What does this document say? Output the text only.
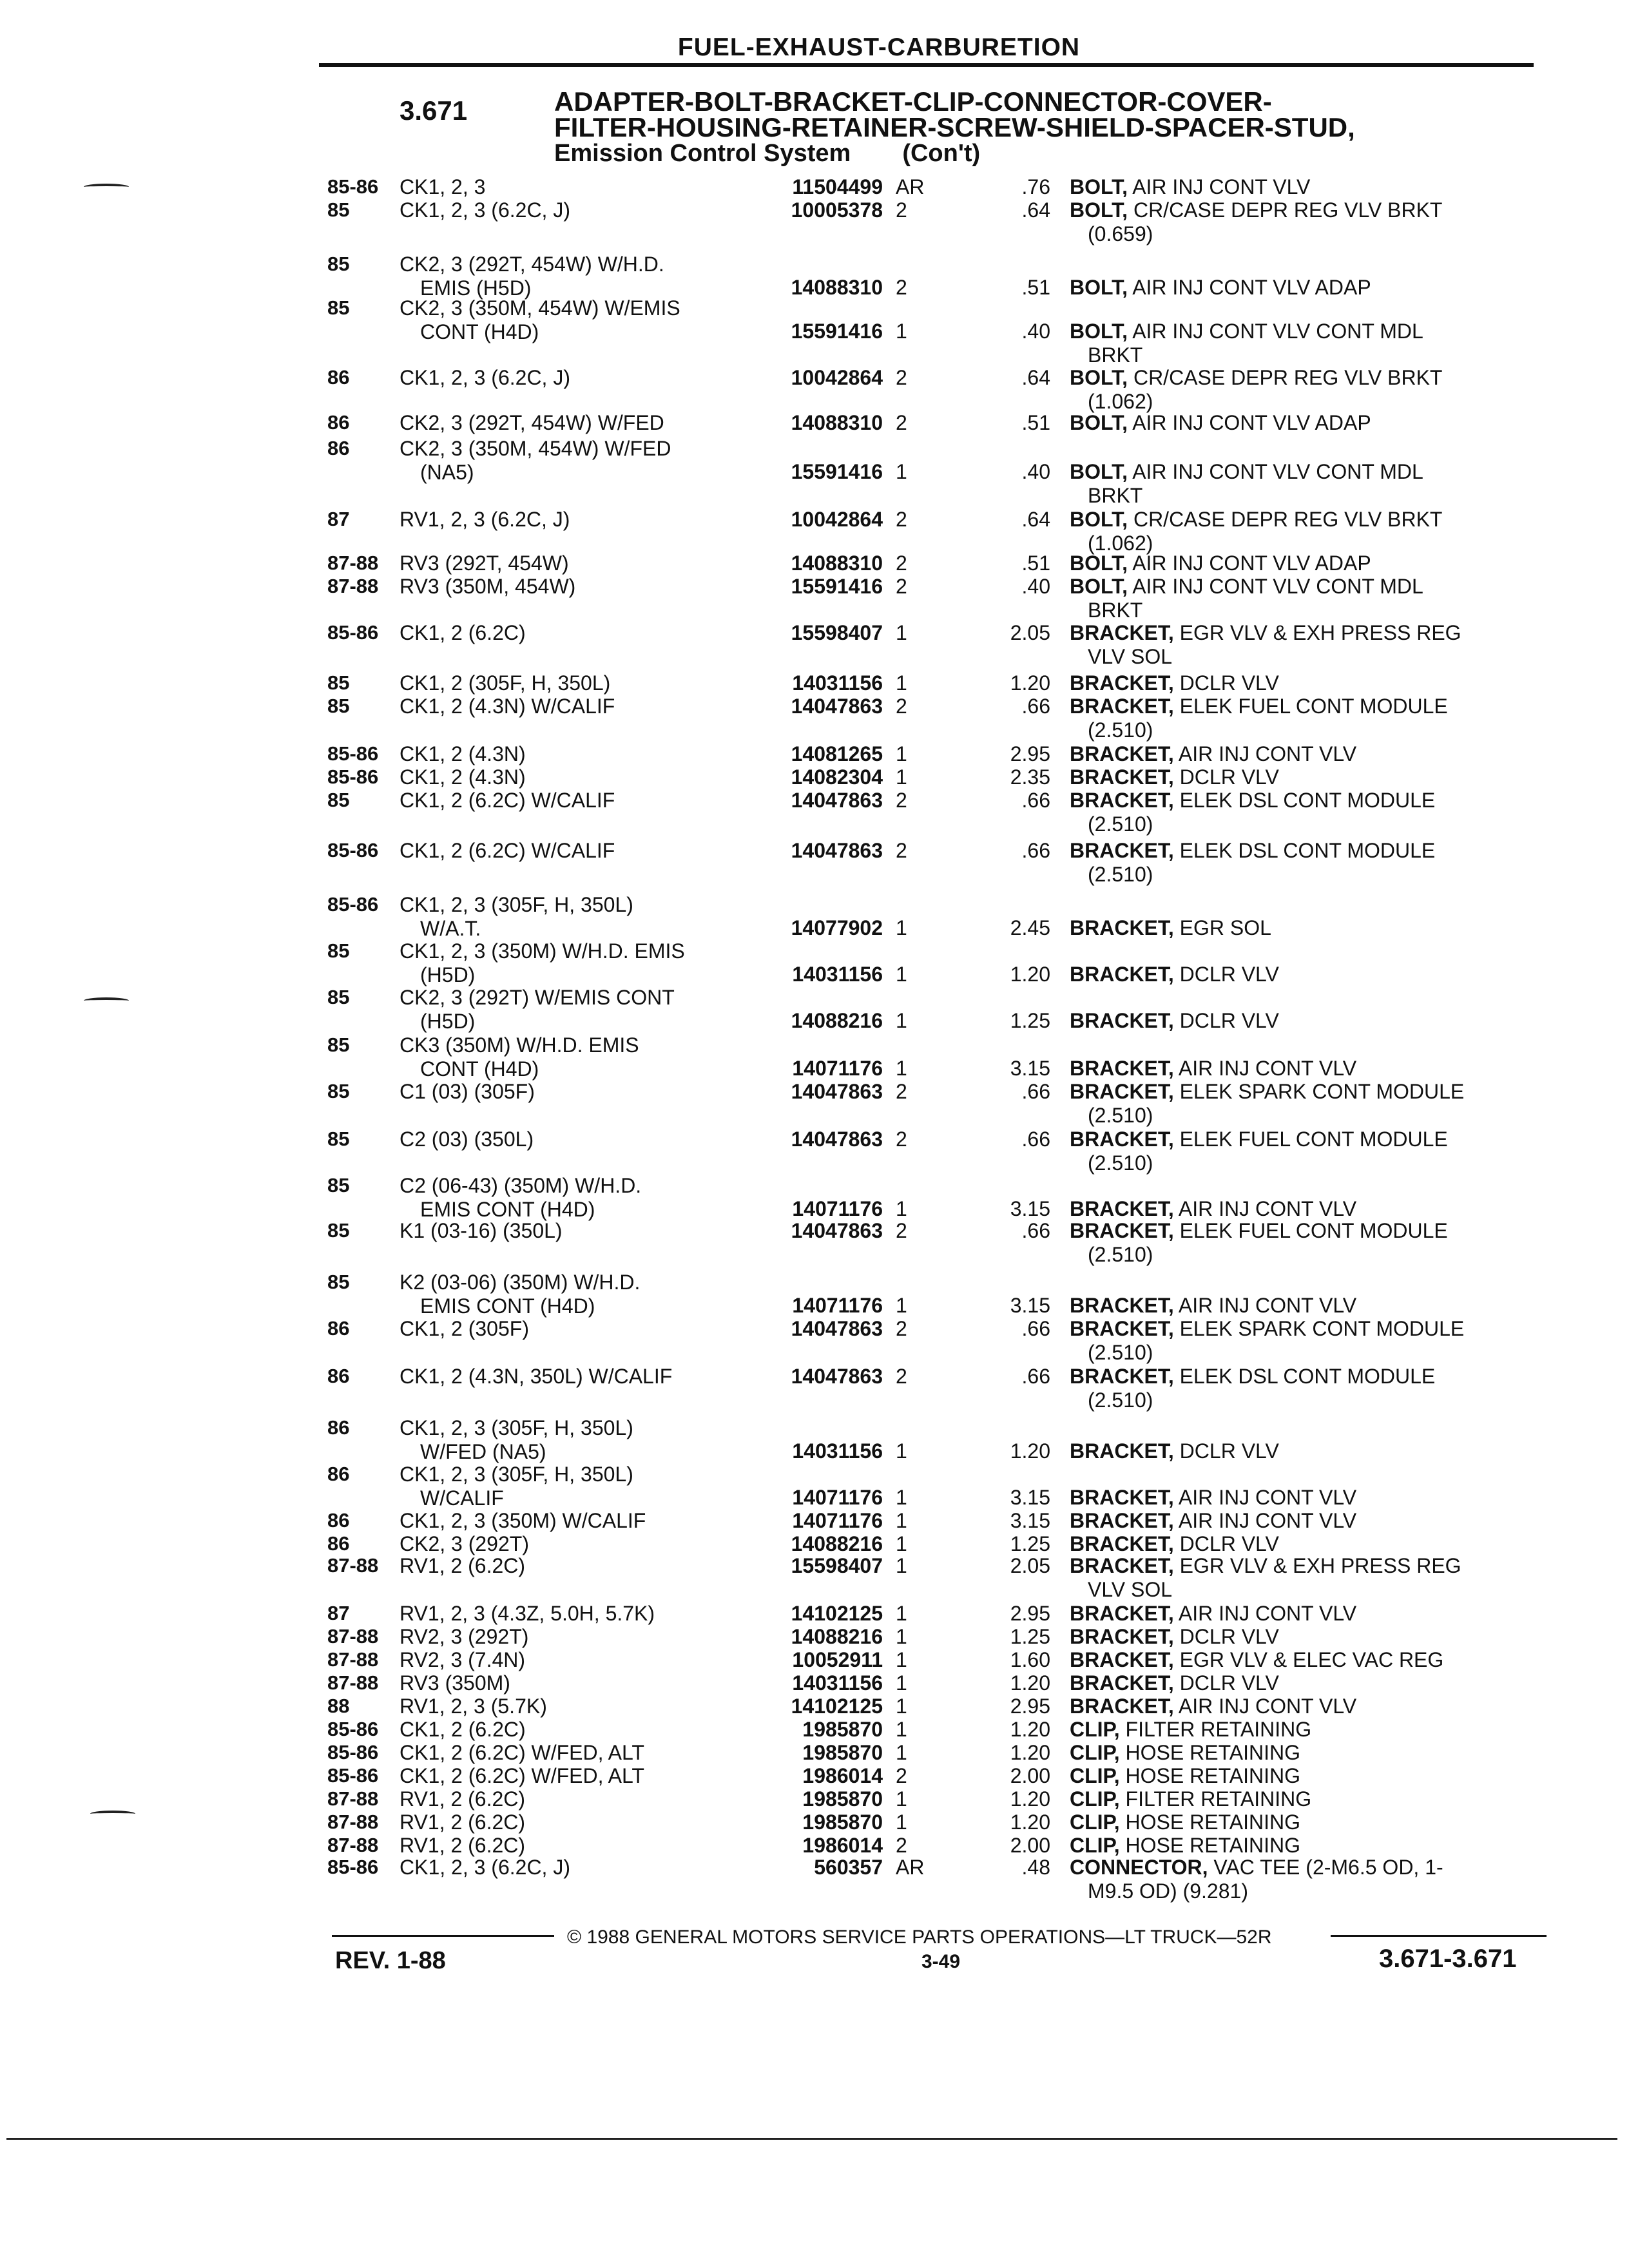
FUEL-EXHAUST-CARBURETION
3.671	ADAPTER-BOLT-BRACKET-CLIP-CONNECTOR-COVER-
FILTER-HOUSING-RETAINER-SCREW-SHIELD-SPACER-STUD,
Emission Control System (Con't)
85-86 CK1, 2, 3	11504499 AR	.76 BOLT, AIR INJ CONT VLV
85 CK1, 2, 3 (6.2C, J)	10005378 2	.64 BOLT, CR/CASE DEPR REG VLV BRKT
(0.659)
85 CK2, 3 (292T, 454W) W/H.D.
EMIS (H5D)	14088310 2	.51 BOLT, AIR INJ CONT VLV ADAP
85 CK2, 3 (350M, 454W) W/EMIS
CONT (H4D)	15591416 1	.40 BOLT, AIR INJ CONT VLV CONT MDL
BRKT
86 CK1, 2, 3 (6.2C, J)	10042864 2	.64 BOLT, CR/CASE DEPR REG VLV BRKT
(1.062)
86 CK2, 3 (292T, 454W) W/FED	14088310 2	.51 BOLT, AIR INJ CONT VLV ADAP
86 CK2, 3 (350M, 454W) W/FED
(NA5)	15591416 1	.40 BOLT, AIR INJ CONT VLV CONT MDL
BRKT
87 RV1, 2, 3 (6.2C, J)	10042864 2	.64 BOLT, CR/CASE DEPR REG VLV BRKT
(1.062)
87-88 RV3 (292T, 454W)	14088310 2	.51 BOLT, AIR INJ CONT VLV ADAP
87-88 RV3 (350M, 454W)	15591416 2	.40 BOLT, AIR INJ CONT VLV CONT MDL
BRKT
85-86 CK1, 2 (6.2C)	15598407 1	2.05 BRACKET, EGR VLV & EXH PRESS REG
VLV SOL
85 CK1, 2 (305F, H, 350L)	14031156 1	1.20 BRACKET, DCLR VLV
85 CK1, 2 (4.3N) W/CALIF	14047863 2	.66 BRACKET, ELEK FUEL CONT MODULE
(2.510)
85-86 CK1, 2 (4.3N)	14081265 1	2.95 BRACKET, AIR INJ CONT VLV
85-86 CK1, 2 (4.3N)	14082304 1	2.35 BRACKET, DCLR VLV
85 CK1, 2 (6.2C) W/CALIF	14047863 2	.66 BRACKET, ELEK DSL CONT MODULE
(2.510)
85-86 CK1, 2 (6.2C) W/CALIF	14047863 2	.66 BRACKET, ELEK DSL CONT MODULE
(2.510)
85-86 CK1, 2, 3 (305F, H, 350L)
W/A.T.	14077902 1	2.45 BRACKET, EGR SOL
85 CK1, 2, 3 (350M) W/H.D. EMIS
(H5D)	14031156 1	1.20 BRACKET, DCLR VLV
85 CK2, 3 (292T) W/EMIS CONT
(H5D)	14088216 1	1.25 BRACKET, DCLR VLV
85 CK3 (350M) W/H.D. EMIS
CONT (H4D)	14071176 1	3.15 BRACKET, AIR INJ CONT VLV
85 C1 (03) (305F)	14047863 2	.66 BRACKET, ELEK SPARK CONT MODULE
(2.510)
85 C2 (03) (350L)	14047863 2	.66 BRACKET, ELEK FUEL CONT MODULE
(2.510)
85 C2 (06-43) (350M) W/H.D.
EMIS CONT (H4D)	14071176 1	3.15 BRACKET, AIR INJ CONT VLV
85 K1 (03-16) (350L)	14047863 2	.66 BRACKET, ELEK FUEL CONT MODULE
(2.510)
85 K2 (03-06) (350M) W/H.D.
EMIS CONT (H4D)	14071176 1	3.15 BRACKET, AIR INJ CONT VLV
86 CK1, 2 (305F)	14047863 2	.66 BRACKET, ELEK SPARK CONT MODULE
(2.510)
86 CK1, 2 (4.3N, 350L) W/CALIF	14047863 2	.66 BRACKET, ELEK DSL CONT MODULE
(2.510)
86 CK1, 2, 3 (305F, H, 350L)
W/FED (NA5)	14031156 1	1.20 BRACKET, DCLR VLV
86 CK1, 2, 3 (305F, H, 350L)
W/CALIF	14071176 1	3.15 BRACKET, AIR INJ CONT VLV
86 CK1, 2, 3 (350M) W/CALIF	14071176 1	3.15 BRACKET, AIR INJ CONT VLV
86 CK2, 3 (292T)	14088216 1	1.25 BRACKET, DCLR VLV
87-88 RV1, 2 (6.2C)	15598407 1	2.05 BRACKET, EGR VLV & EXH PRESS REG
VLV SOL
87 RV1, 2, 3 (4.3Z, 5.0H, 5.7K)	14102125 1	2.95 BRACKET, AIR INJ CONT VLV
87-88 RV2, 3 (292T)	14088216 1	1.25 BRACKET, DCLR VLV
87-88 RV2, 3 (7.4N)	10052911 1	1.60 BRACKET, EGR VLV & ELEC VAC REG
87-88 RV3 (350M)	14031156 1	1.20 BRACKET, DCLR VLV
88 RV1, 2, 3 (5.7K)	14102125 1	2.95 BRACKET, AIR INJ CONT VLV
85-86 CK1, 2 (6.2C)	1985870 1	1.20 CLIP, FILTER RETAINING
85-86 CK1, 2 (6.2C) W/FED, ALT	1985870 1	1.20 CLIP, HOSE RETAINING
85-86 CK1, 2 (6.2C) W/FED, ALT	1986014 2	2.00 CLIP, HOSE RETAINING
87-88 RV1, 2 (6.2C)	1985870 1	1.20 CLIP, FILTER RETAINING
87-88 RV1, 2 (6.2C)	1985870 1	1.20 CLIP, HOSE RETAINING
87-88 RV1, 2 (6.2C)	1986014 2	2.00 CLIP, HOSE RETAINING
85-86 CK1, 2, 3 (6.2C, J)	560357 AR	.48 CONNECTOR, VAC TEE (2-M6.5 OD, 1-
M9.5 OD) (9.281)
© 1988 GENERAL MOTORS SERVICE PARTS OPERATIONS—LT TRUCK—52R
REV. 1-88	3-49	3.671-3.671
